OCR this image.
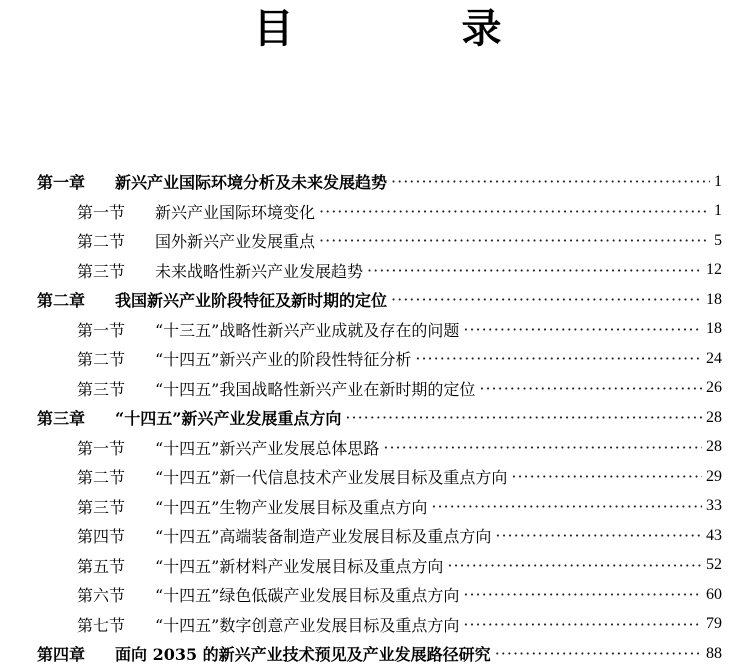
目　录
第一章	新兴产业国际环境分析及未来发展趋势 ·····	1
第一节	新兴产业国际环境变化 ·····	1
第二节	国外新兴产业发展重点 ·····	5
第三节	未来战略性新兴产业发展趋势 ·····	12
第二章	我国新兴产业阶段特征及新时期的定位 ·····	18
第一节	“十三五”战略性新兴产业成就及存在的问题 ·····	18
第二节	“十四五”新兴产业的阶段性特征分析 ·····	24
第三节	“十四五”我国战略性新兴产业在新时期的定位 ·····	26
第三章	“十四五”新兴产业发展重点方向 ·····	28
第一节	“十四五”新兴产业发展总体思路 ·····	28
第二节	“十四五”新一代信息技术产业发展目标及重点方向 ·····	29
第三节	“十四五”生物产业发展目标及重点方向 ·····	33
第四节	“十四五”高端装备制造产业发展目标及重点方向 ·····	43
第五节	“十四五”新材料产业发展目标及重点方向 ·····	52
第六节	“十四五”绿色低碳产业发展目标及重点方向 ·····	60
第七节	“十四五”数字创意产业发展目标及重点方向 ·····	79
第四章	面向 2035 的新兴产业技术预见及产业发展路径研究 ·····	88
